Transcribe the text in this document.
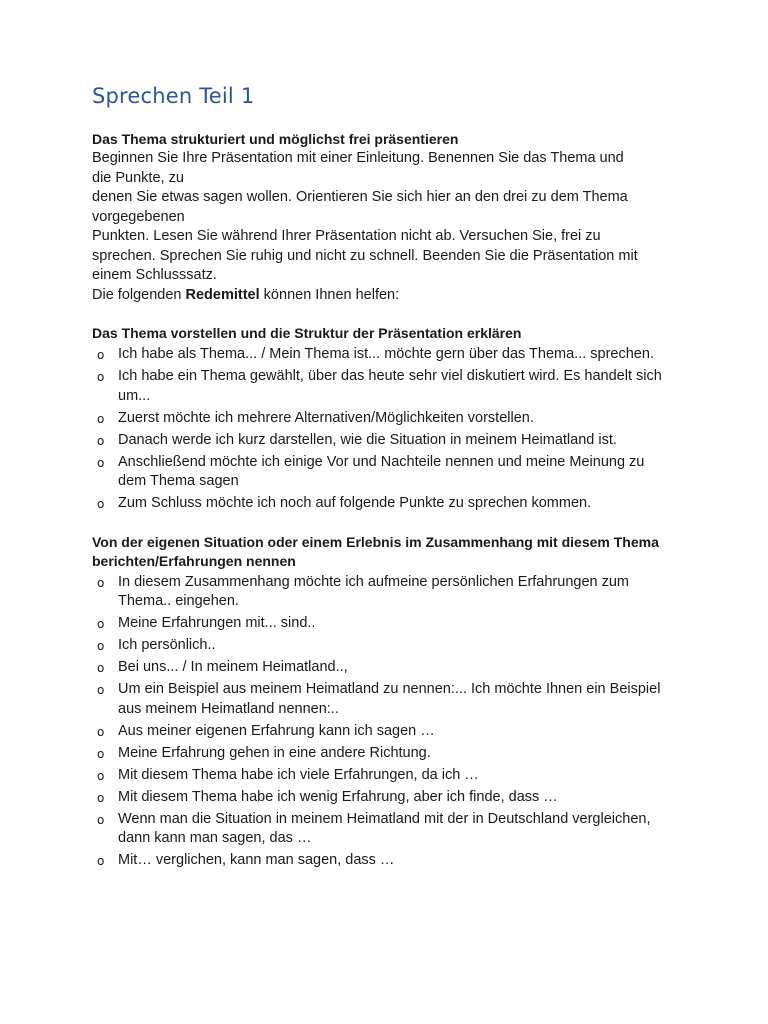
Sprechen Teil 1

Das Thema strukturiert und möglichst frei präsentieren

Beginnen Sie Ihre Präsentation mit einer Einleitung. Benennen Sie das Thema und

die Punkte, zu

denen Sie etwas sagen wollen. Orientieren Sie sich hier an den drei zu dem Thema

vorgegebenen

Punkten. Lesen Sie während Ihrer Präsentation nicht ab. Versuchen Sie, frei zu

sprechen. Sprechen Sie ruhig und nicht zu schnell. Beenden Sie die Präsentation mit

einem Schlusssatz.

Die folgenden Redemittel können Ihnen helfen:

Das Thema vorstellen und die Struktur der Präsentation erklären

o Ich habe als Thema... / Mein Thema ist... möchte gern über das Thema... sprechen.
o Ich habe ein Thema gewählt, über das heute sehr viel diskutiert wird. Es handelt sich um...
o Zuerst möchte ich mehrere Alternativen/Möglichkeiten vorstellen.
o Danach werde ich kurz darstellen, wie die Situation in meinem Heimatland ist.
o Anschließend möchte ich einige Vor und Nachteile nennen und meine Meinung zu dem Thema sagen
o Zum Schluss möchte ich noch auf folgende Punkte zu sprechen kommen.

Von der eigenen Situation oder einem Erlebnis im Zusammenhang mit diesem Thema berichten/Erfahrungen nennen

o In diesem Zusammenhang möchte ich aufmeine persönlichen Erfahrungen zum Thema.. eingehen.
o Meine Erfahrungen mit... sind..
o Ich persönlich..
o Bei uns... / In meinem Heimatland..,
o Um ein Beispiel aus meinem Heimatland zu nennen:... Ich möchte Ihnen ein Beispiel aus meinem Heimatland nennen:..
o Aus meiner eigenen Erfahrung kann ich sagen …
o Meine Erfahrung gehen in eine andere Richtung.
o Mit diesem Thema habe ich viele Erfahrungen, da ich …
o Mit diesem Thema habe ich wenig Erfahrung, aber ich finde, dass …
o Wenn man die Situation in meinem Heimatland mit der in Deutschland vergleichen, dann kann man sagen, das …
o Mit… verglichen, kann man sagen, dass …
